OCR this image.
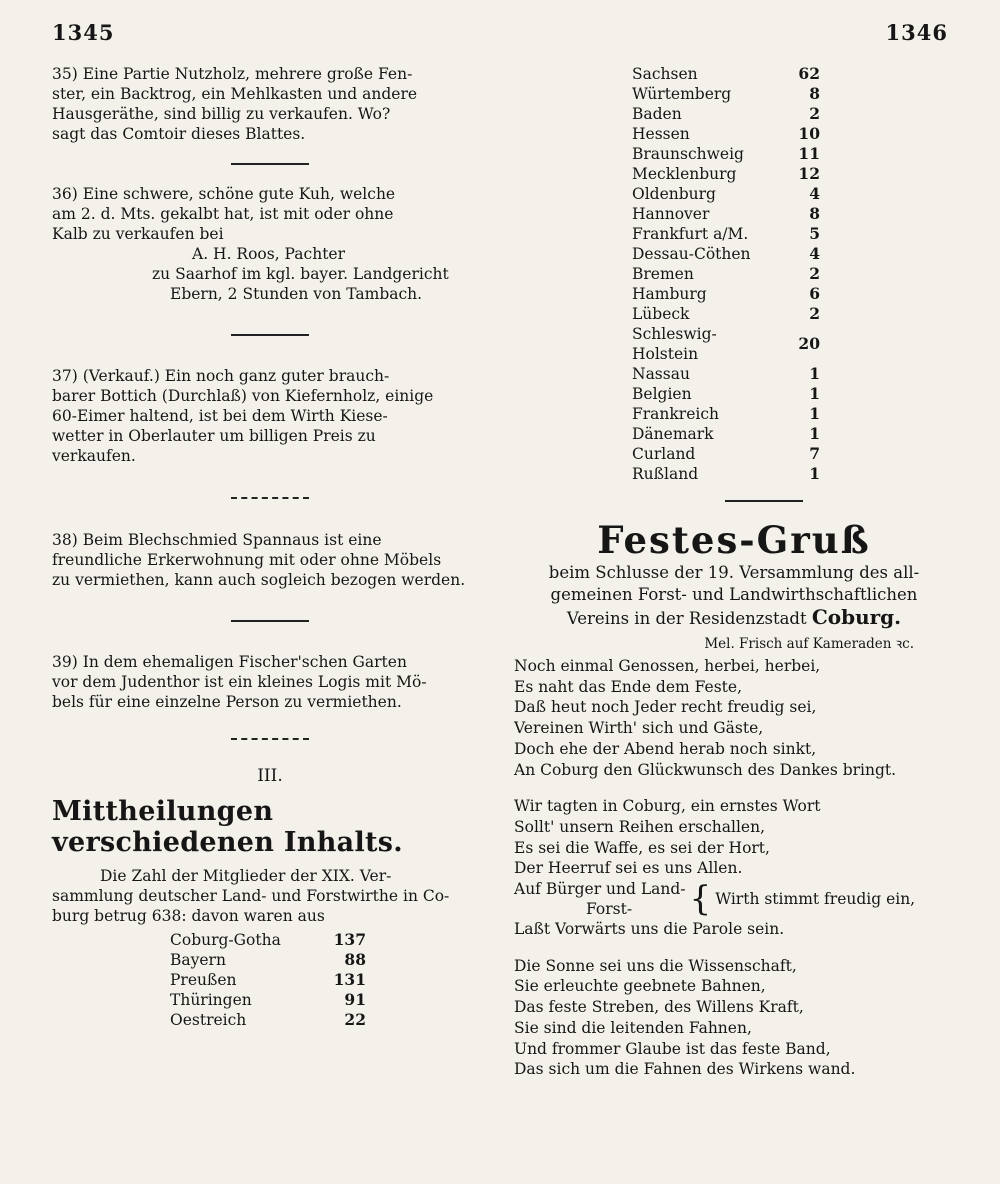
1345	1346

35) Eine Partie Nutzholz, mehrere große Fen-

ster, ein Backtrog, ein Mehlkasten und andere

Hausgeräthe, sind billig zu verkaufen. Wo?

sagt das Comtoir dieses Blattes.

36) Eine schwere, schöne gute Kuh, welche

am 2. d. Mts. gekalbt hat, ist mit oder ohne

Kalb zu verkaufen bei

A. H. Roos, Pachter

zu Saarhof im kgl. bayer. Landgericht

Ebern, 2 Stunden von Tambach.

37) (Verkauf.) Ein noch ganz guter brauch-

barer Bottich (Durchlaß) von Kiefernholz, einige

60-Eimer haltend, ist bei dem Wirth Kiese-

wetter in Oberlauter um billigen Preis zu

verkaufen.

38) Beim Blechschmied Spannaus ist eine

freundliche Erkerwohnung mit oder ohne Möbels

zu vermiethen, kann auch sogleich bezogen werden.

39) In dem ehemaligen Fischer'schen Garten

vor dem Judenthor ist ein kleines Logis mit Mö-

bels für eine einzelne Person zu vermiethen.

III.

Mittheilungen verschiedenen Inhalts.

Die Zahl der Mitglieder der XIX. Ver-

sammlung deutscher Land- und Forstwirthe in Co-

burg betrug 638: davon waren aus

Coburg-Gotha	137
Bayern	88
Preußen	131
Thüringen	91
Oestreich	22
Sachsen	62
Würtemberg	8
Baden	2
Hessen	10
Braunschweig	11
Mecklenburg	12
Oldenburg	4
Hannover	8
Frankfurt a/M.	5
Dessau-Cöthen	4
Bremen	2
Hamburg	6
Lübeck	2
Schleswig-Holstein	20
Nassau	1
Belgien	1
Frankreich	1
Dänemark	1
Curland	7
Rußland	1

Festes-Gruß

beim Schlusse der 19. Versammlung des all-

gemeinen Forst- und Landwirthschaftlichen

Vereins in der Residenzstadt Coburg.

Mel. Frisch auf Kameraden ꝛc.

Noch einmal Genossen, herbei, herbei,

Es naht das Ende dem Feste,

Daß heut noch Jeder recht freudig sei,

Vereinen Wirth' sich und Gäste,

Doch ehe der Abend herab noch sinkt,

An Coburg den Glückwunsch des Dankes bringt.

Wir tagten in Coburg, ein ernstes Wort

Sollt' unsern Reihen erschallen,

Es sei die Waffe, es sei der Hort,

Der Heerruf sei es uns Allen.

Auf Bürger und Land-
Forst-	{ Wirth stimmt freudig ein,

Laßt Vorwärts uns die Parole sein.

Die Sonne sei uns die Wissenschaft,

Sie erleuchte geebnete Bahnen,

Das feste Streben, des Willens Kraft,

Sie sind die leitenden Fahnen,

Und frommer Glaube ist das feste Band,

Das sich um die Fahnen des Wirkens wand.
